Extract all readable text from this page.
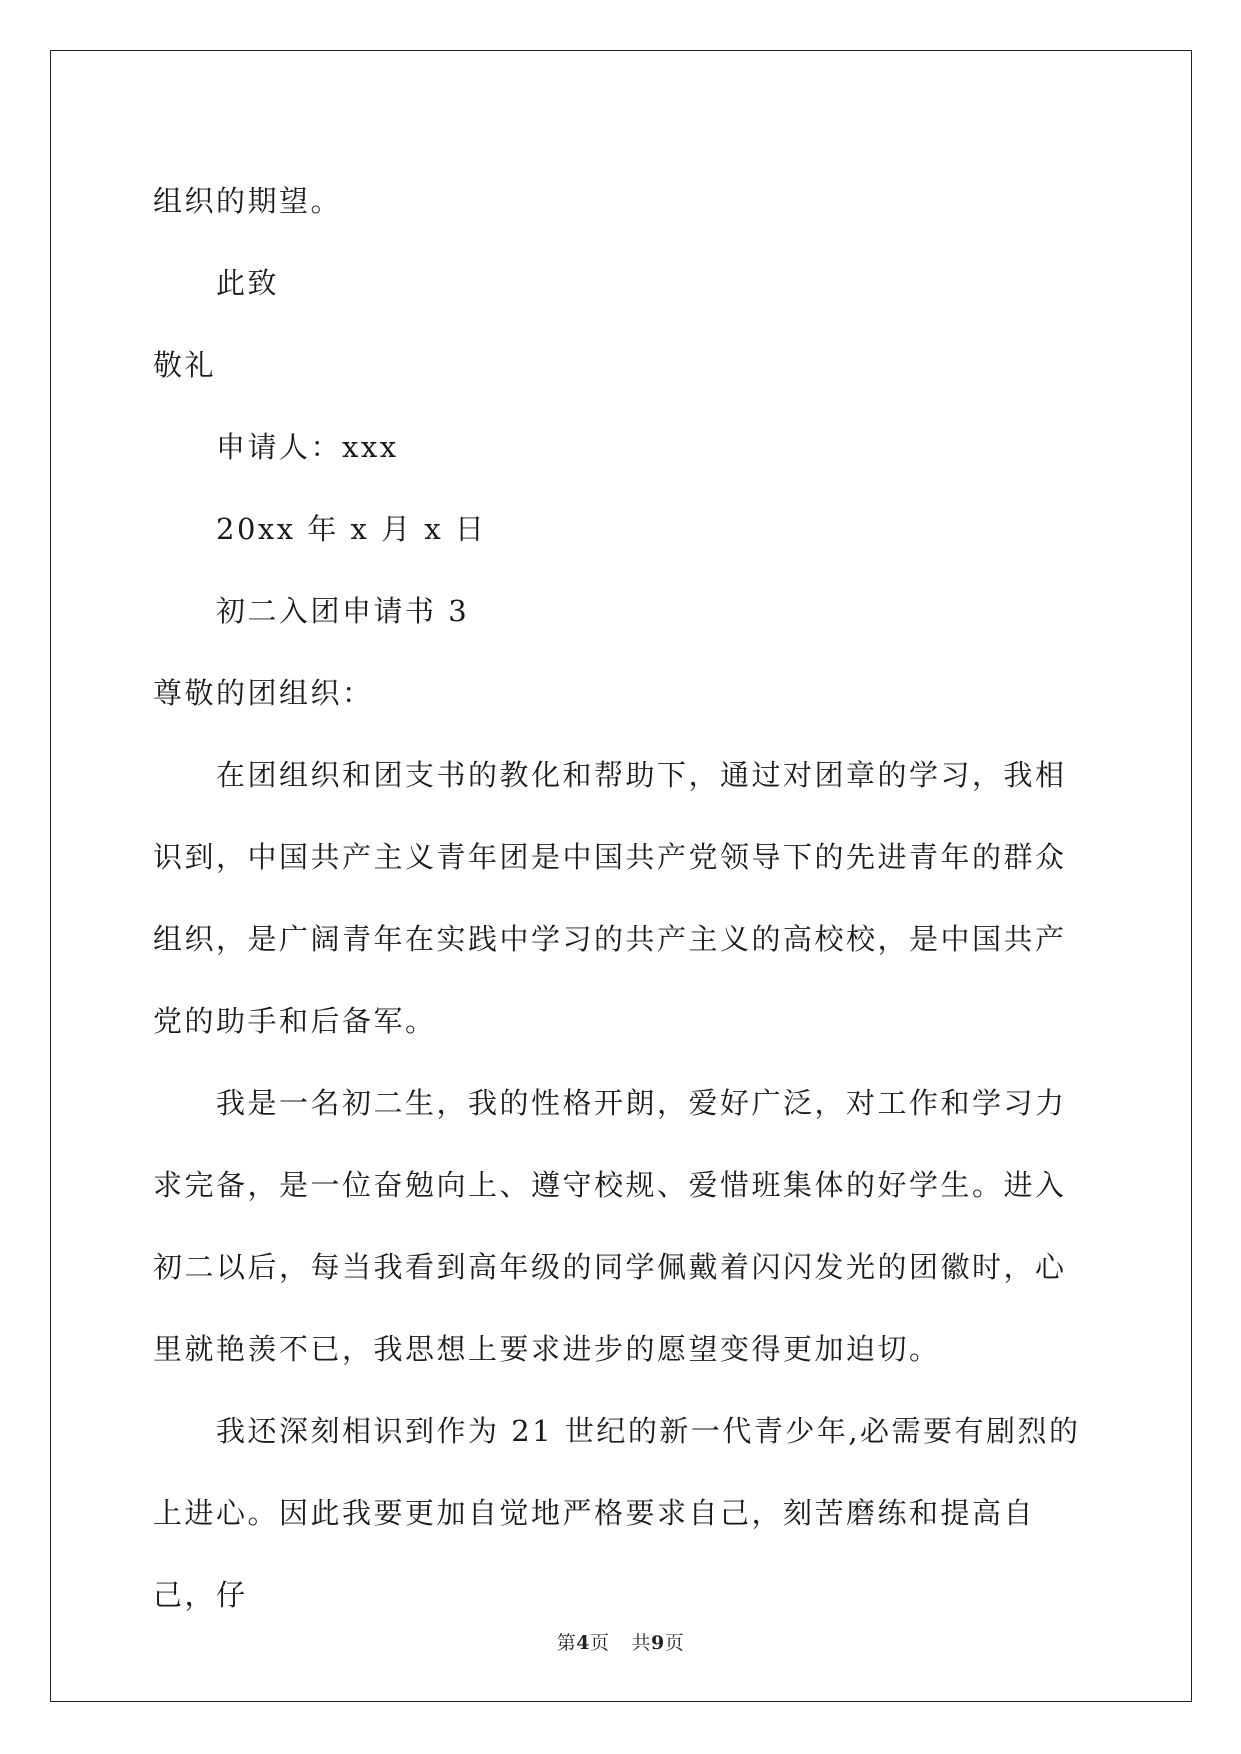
组织的期望。

此致

敬礼

申请人：xxx

20xx 年 x 月 x 日

初二入团申请书 3

尊敬的团组织：

在团组织和团支书的教化和帮助下，通过对团章的学习，我相识到，中国共产主义青年团是中国共产党领导下的先进青年的群众组织，是广阔青年在实践中学习的共产主义的高校校，是中国共产党的助手和后备军。

我是一名初二生，我的性格开朗，爱好广泛，对工作和学习力求完备，是一位奋勉向上、遵守校规、爱惜班集体的好学生。进入初二以后，每当我看到高年级的同学佩戴着闪闪发光的团徽时，心里就艳羡不已，我思想上要求进步的愿望变得更加迫切。

我还深刻相识到作为 21 世纪的新一代青少年,必需要有剧烈的上进心。因此我要更加自觉地严格要求自己，刻苦磨练和提高自己，仔

第4页 共9页
